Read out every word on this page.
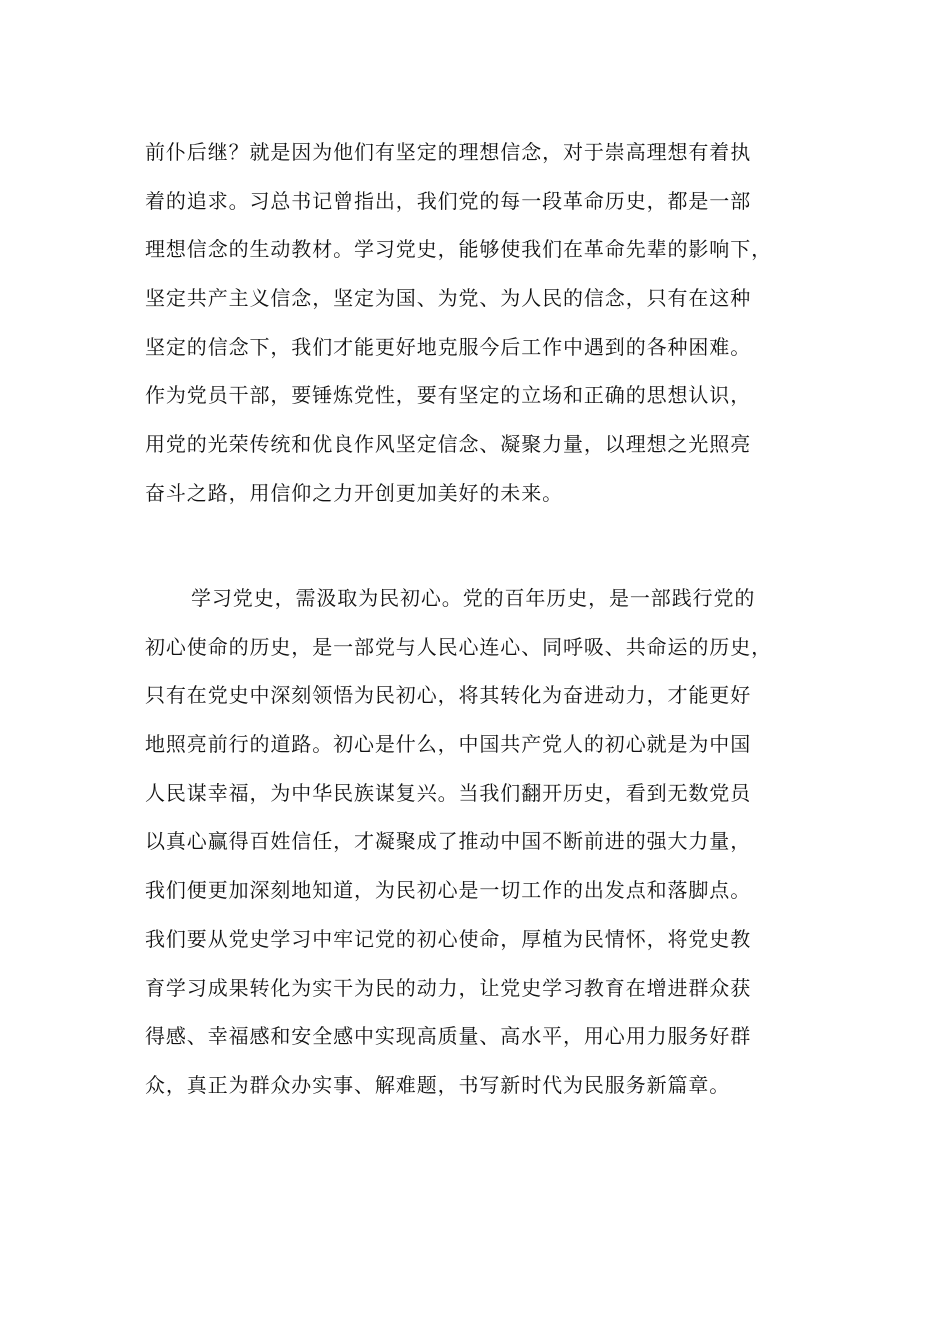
前仆后继？就是因为他们有坚定的理想信念，对于崇高理想有着执
着的追求。习总书记曾指出，我们党的每一段革命历史，都是一部
理想信念的生动教材。学习党史，能够使我们在革命先辈的影响下，
坚定共产主义信念，坚定为国、为党、为人民的信念，只有在这种
坚定的信念下，我们才能更好地克服今后工作中遇到的各种困难。
作为党员干部，要锤炼党性，要有坚定的立场和正确的思想认识，
用党的光荣传统和优良作风坚定信念、凝聚力量，以理想之光照亮
奋斗之路，用信仰之力开创更加美好的未来。

学习党史，需汲取为民初心。党的百年历史，是一部践行党的
初心使命的历史，是一部党与人民心连心、同呼吸、共命运的历史，
只有在党史中深刻领悟为民初心，将其转化为奋进动力，才能更好
地照亮前行的道路。初心是什么，中国共产党人的初心就是为中国
人民谋幸福，为中华民族谋复兴。当我们翻开历史，看到无数党员
以真心赢得百姓信任，才凝聚成了推动中国不断前进的强大力量，
我们便更加深刻地知道，为民初心是一切工作的出发点和落脚点。
我们要从党史学习中牢记党的初心使命，厚植为民情怀，将党史教
育学习成果转化为实干为民的动力，让党史学习教育在增进群众获
得感、幸福感和安全感中实现高质量、高水平，用心用力服务好群
众，真正为群众办实事、解难题，书写新时代为民服务新篇章。
